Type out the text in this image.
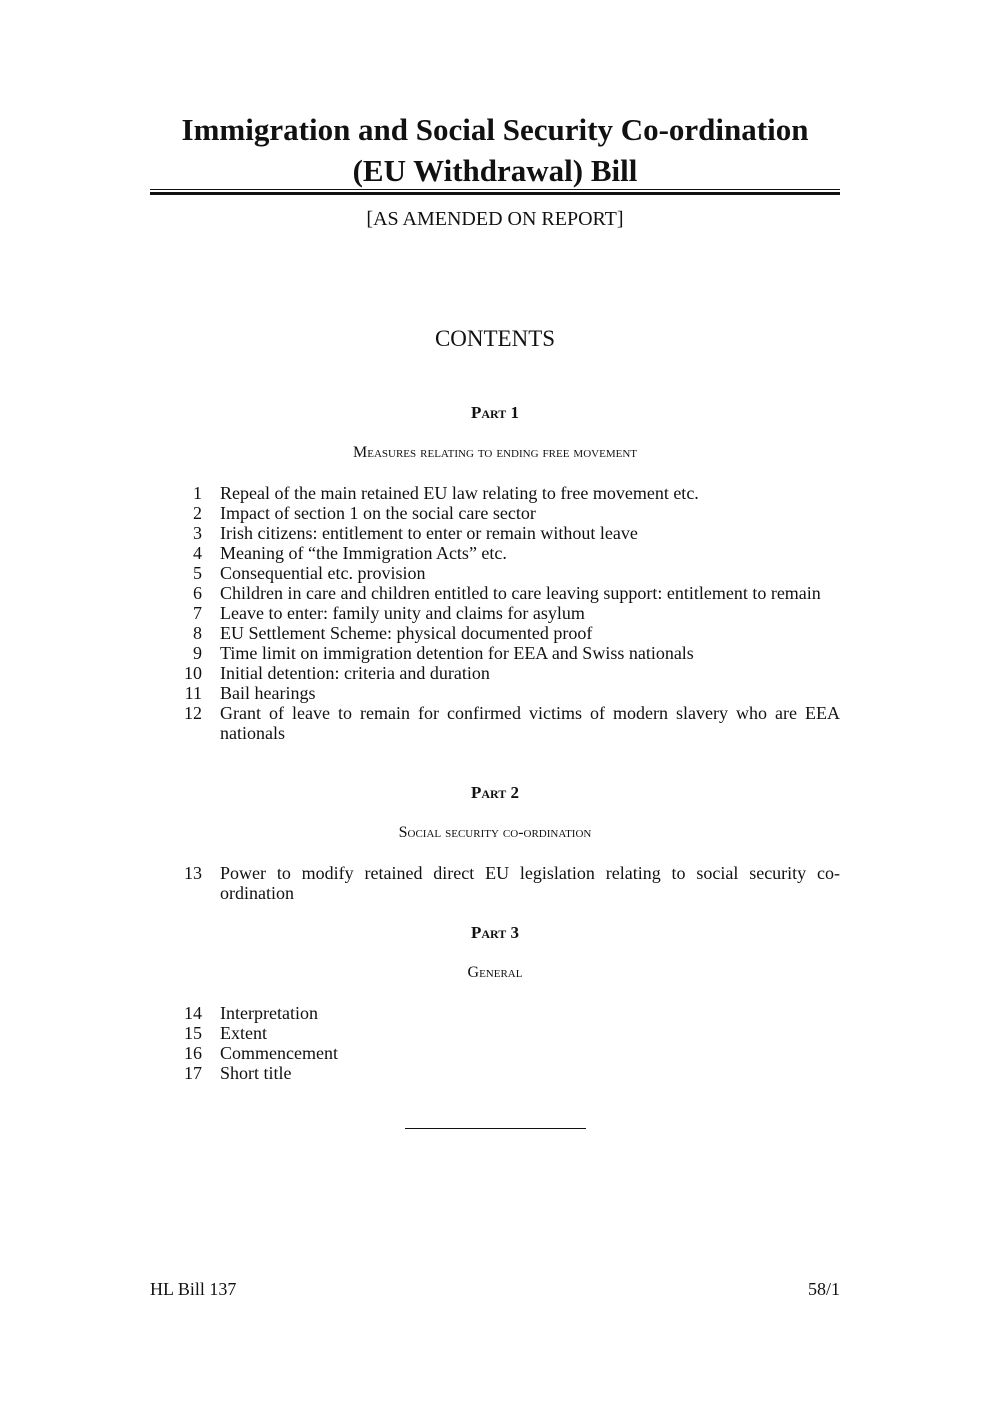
Immigration and Social Security Co-ordination
(EU Withdrawal) Bill
[AS AMENDED ON REPORT]
CONTENTS
Part 1
Measures relating to ending free movement
1 Repeal of the main retained EU law relating to free movement etc.
2 Impact of section 1 on the social care sector
3 Irish citizens: entitlement to enter or remain without leave
4 Meaning of “the Immigration Acts” etc.
5 Consequential etc. provision
6 Children in care and children entitled to care leaving support: entitlement to remain
7 Leave to enter: family unity and claims for asylum
8 EU Settlement Scheme: physical documented proof
9 Time limit on immigration detention for EEA and Swiss nationals
10 Initial detention: criteria and duration
11 Bail hearings
12 Grant of leave to remain for confirmed victims of modern slavery who are EEA nationals
Part 2
Social security co-ordination
13 Power to modify retained direct EU legislation relating to social security co-ordination
Part 3
General
14 Interpretation
15 Extent
16 Commencement
17 Short title
HL Bill 137	58/1
